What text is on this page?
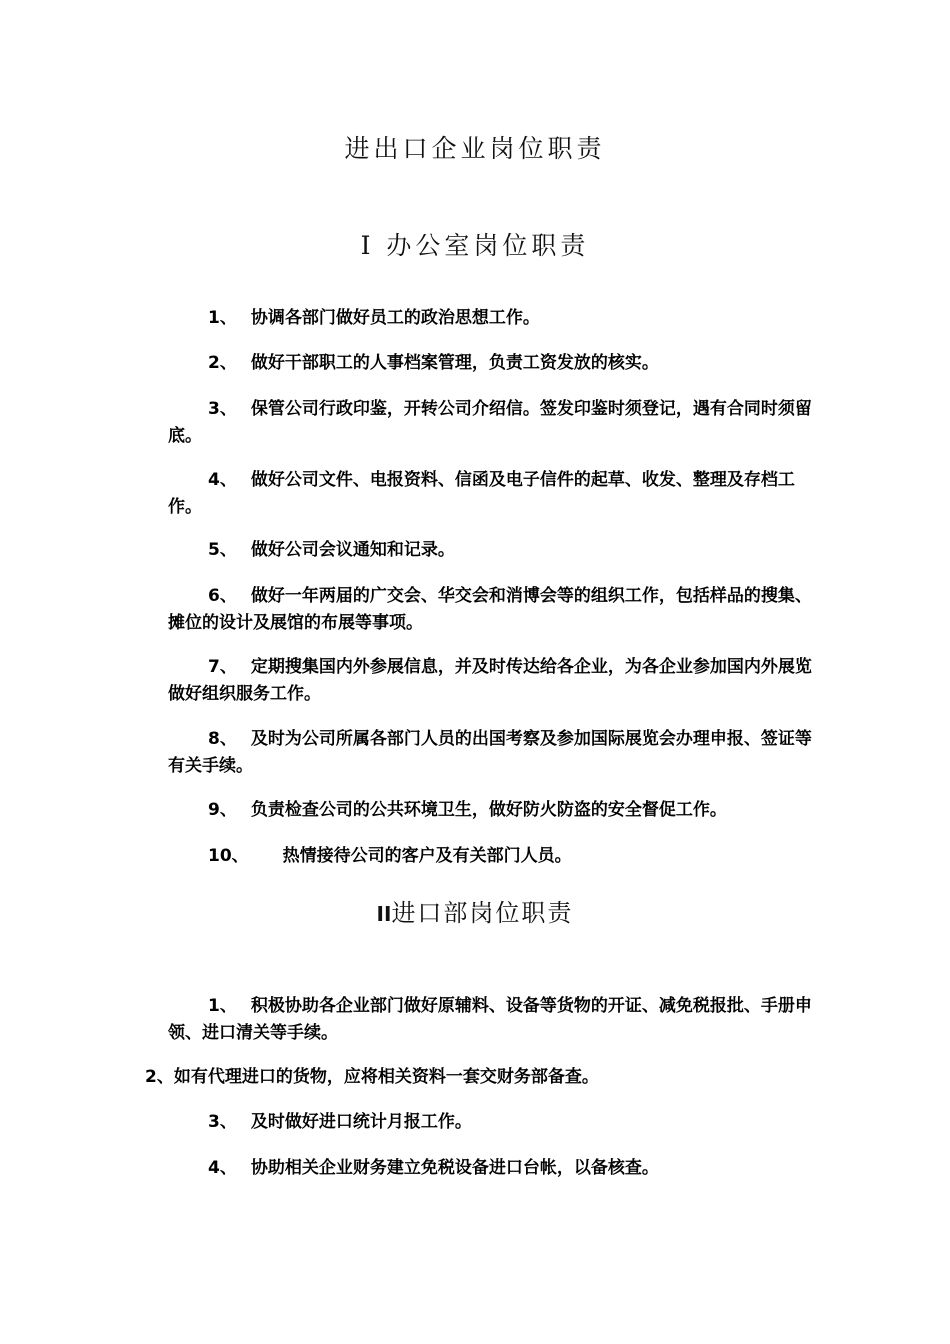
进出口企业岗位职责
I 办公室岗位职责

1、 协调各部门做好员工的政治思想工作。

2、 做好干部职工的人事档案管理，负责工资发放的核实。

3、 保管公司行政印鉴，开转公司介绍信。签发印鉴时须登记，遇有合同时须留底。

4、 做好公司文件、电报资料、信函及电子信件的起草、收发、整理及存档工作。

5、 做好公司会议通知和记录。

6、 做好一年两届的广交会、华交会和消博会等的组织工作，包括样品的搜集、摊位的设计及展馆的布展等事项。

7、 定期搜集国内外参展信息，并及时传达给各企业，为各企业参加国内外展览做好组织服务工作。

8、 及时为公司所属各部门人员的出国考察及参加国际展览会办理申报、签证等有关手续。

9、 负责检查公司的公共环境卫生，做好防火防盗的安全督促工作。

10、 热情接待公司的客户及有关部门人员。

II进口部岗位职责

1、 积极协助各企业部门做好原辅料、设备等货物的开证、减免税报批、手册申领、进口清关等手续。

2、如有代理进口的货物，应将相关资料一套交财务部备查。

3、 及时做好进口统计月报工作。

4、 协助相关企业财务建立免税设备进口台帐，以备核查。
